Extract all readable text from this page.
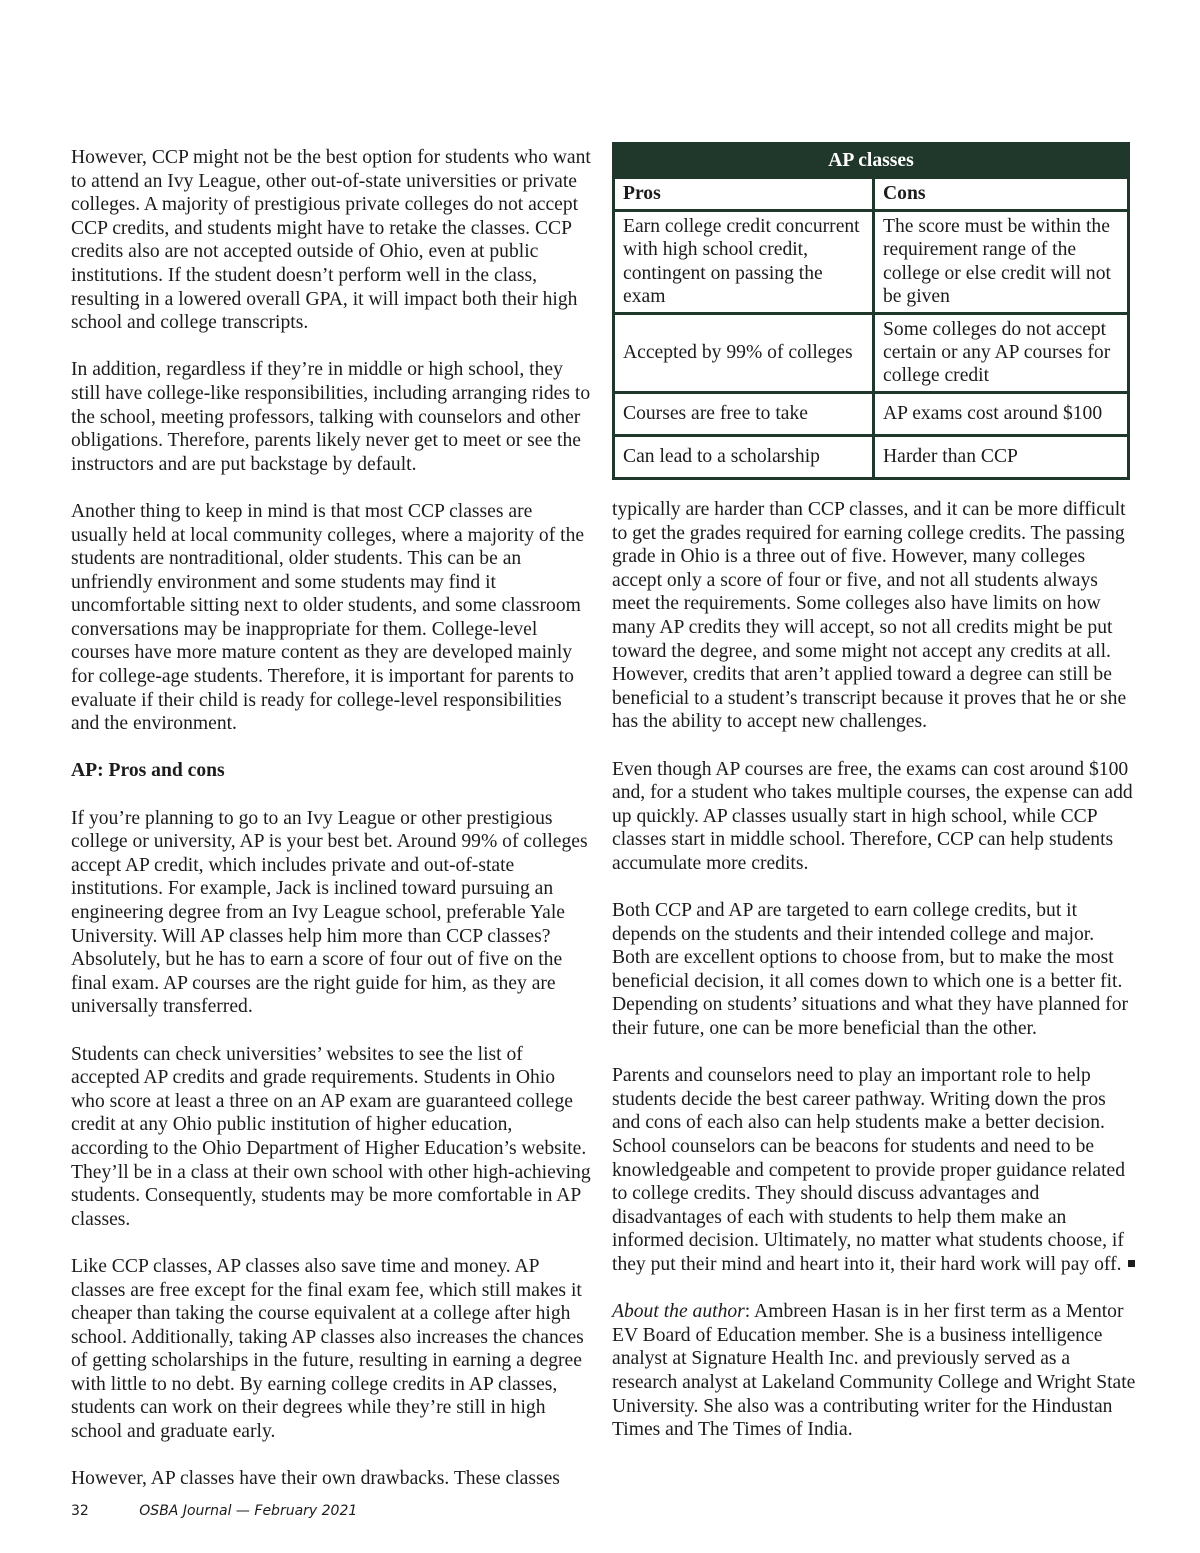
However, CCP might not be the best option for students who want to attend an Ivy League, other out-of-state universities or private colleges. A majority of prestigious private colleges do not accept CCP credits, and students might have to retake the classes. CCP credits also are not accepted outside of Ohio, even at public institutions. If the student doesn’t perform well in the class, resulting in a lowered overall GPA, it will impact both their high school and college transcripts.

In addition, regardless if they’re in middle or high school, they still have college-like responsibilities, including arranging rides to the school, meeting professors, talking with counselors and other obligations. Therefore, parents likely never get to meet or see the instructors and are put backstage by default.

Another thing to keep in mind is that most CCP classes are usually held at local community colleges, where a majority of the students are nontraditional, older students. This can be an unfriendly environment and some students may find it uncomfortable sitting next to older students, and some classroom conversations may be inappropriate for them. College-level courses have more mature content as they are developed mainly for college-age students. Therefore, it is important for parents to evaluate if their child is ready for college-level responsibilities and the environment.

AP: Pros and cons

If you’re planning to go to an Ivy League or other prestigious college or university, AP is your best bet. Around 99% of colleges accept AP credit, which includes private and out-of-state institutions. For example, Jack is inclined toward pursuing an engineering degree from an Ivy League school, preferable Yale University. Will AP classes help him more than CCP classes? Absolutely, but he has to earn a score of four out of five on the final exam. AP courses are the right guide for him, as they are universally transferred.

Students can check universities’ websites to see the list of accepted AP credits and grade requirements. Students in Ohio who score at least a three on an AP exam are guaranteed college credit at any Ohio public institution of higher education, according to the Ohio Department of Higher Education’s website. They’ll be in a class at their own school with other high-achieving students. Consequently, students may be more comfortable in AP classes.

Like CCP classes, AP classes also save time and money. AP classes are free except for the final exam fee, which still makes it cheaper than taking the course equivalent at a college after high school. Additionally, taking AP classes also increases the chances of getting scholarships in the future, resulting in earning a degree with little to no debt. By earning college credits in AP classes, students can work on their degrees while they’re still in high school and graduate early.

However, AP classes have their own drawbacks. These classes

AP classes	
Pros	Cons
Earn college credit concurrent with high school credit, contingent on passing the exam	The score must be within the requirement range of the college or else credit will not be given
Accepted by 99% of colleges	Some colleges do not accept certain or any AP courses for college credit
Courses are free to take	AP exams cost around $100
Can lead to a scholarship	Harder than CCP

typically are harder than CCP classes, and it can be more difficult to get the grades required for earning college credits. The passing grade in Ohio is a three out of five. However, many colleges accept only a score of four or five, and not all students always meet the requirements. Some colleges also have limits on how many AP credits they will accept, so not all credits might be put toward the degree, and some might not accept any credits at all. However, credits that aren’t applied toward a degree can still be beneficial to a student’s transcript because it proves that he or she has the ability to accept new challenges.

Even though AP courses are free, the exams can cost around $100 and, for a student who takes multiple courses, the expense can add up quickly. AP classes usually start in high school, while CCP classes start in middle school. Therefore, CCP can help students accumulate more credits.

Both CCP and AP are targeted to earn college credits, but it depends on the students and their intended college and major. Both are excellent options to choose from, but to make the most beneficial decision, it all comes down to which one is a better fit. Depending on students’ situations and what they have planned for their future, one can be more beneficial than the other.

Parents and counselors need to play an important role to help students decide the best career pathway. Writing down the pros and cons of each also can help students make a better decision. School counselors can be beacons for students and need to be knowledgeable and competent to provide proper guidance related to college credits. They should discuss advantages and disadvantages of each with students to help them make an informed decision. Ultimately, no matter what students choose, if they put their mind and heart into it, their hard work will pay off.

About the author: Ambreen Hasan is in her first term as a Mentor EV Board of Education member. She is a business intelligence analyst at Signature Health Inc. and previously served as a research analyst at Lakeland Community College and Wright State University. She also was a contributing writer for the Hindustan Times and The Times of India.

32	OSBA Journal — February 2021
